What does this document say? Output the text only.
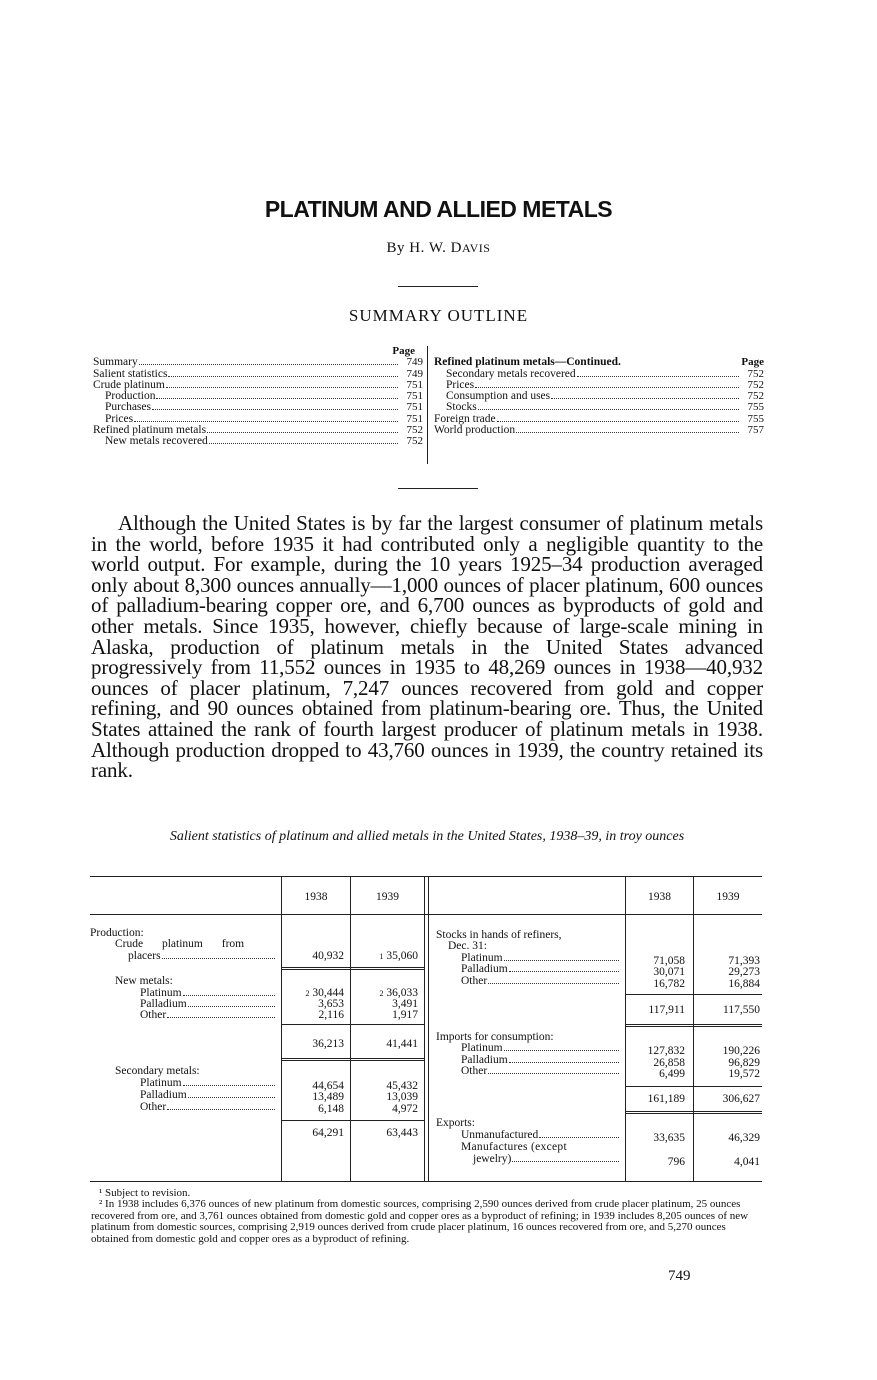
PLATINUM AND ALLIED METALS
By H. W. DAVIS
SUMMARY OUTLINE
Page
Summary	749
Salient statistics	749
Crude platinum	751
Production	751
Purchases	751
Prices	751
Refined platinum metals	752
New metals recovered	752
Refined platinum metals—Continued.	Page
Secondary metals recovered	752
Prices	752
Consumption and uses	752
Stocks	755
Foreign trade	755
World production	757
Although the United States is by far the largest consumer of platinum metals in the world, before 1935 it had contributed only a negligible quantity to the world output. For example, during the 10 years 1925–34 production averaged only about 8,300 ounces annually—1,000 ounces of placer platinum, 600 ounces of palladium-bearing copper ore, and 6,700 ounces as byproducts of gold and other metals. Since 1935, however, chiefly because of large-scale mining in Alaska, production of platinum metals in the United States advanced progressively from 11,552 ounces in 1935 to 48,269 ounces in 1938—40,932 ounces of placer platinum, 7,247 ounces recovered from gold and copper refining, and 90 ounces obtained from platinum-bearing ore. Thus, the United States attained the rank of fourth largest producer of platinum metals in 1938. Although production dropped to 43,760 ounces in 1939, the country retained its rank.
Salient statistics of platinum and allied metals in the United States, 1938–39, in troy ounces
1938	1939	1938	1939
Production:
Crude platinum from
placers	40,932	$^1$ 35,060
New metals:
Platinum	$^2$ 30,444	$^2$ 36,033
Palladium	3,653	3,491
Other	2,116	1,917
36,213	41,441
Secondary metals:
Platinum	44,654	45,432
Palladium	13,489	13,039
Other	6,148	4,972
64,291	63,443
Stocks in hands of refiners,
Dec. 31:
Platinum	71,058	71,393
Palladium	30,071	29,273
Other	16,782	16,884
117,911	117,550
Imports for consumption:
Platinum	127,832	190,226
Palladium	26,858	96,829
Other	6,499	19,572
161,189	306,627
Exports:
Unmanufactured	33,635	46,329
Manufactures (except
jewelry)	796	4,041

¹ Subject to revision.

² In 1938 includes 6,376 ounces of new platinum from domestic sources, comprising 2,590 ounces derived from crude placer platinum, 25 ounces recovered from ore, and 3,761 ounces obtained from domestic gold and copper ores as a byproduct of refining; in 1939 includes 8,205 ounces of new platinum from domestic sources, comprising 2,919 ounces derived from crude placer platinum, 16 ounces recovered from ore, and 5,270 ounces obtained from domestic gold and copper ores as a byproduct of refining.

749
